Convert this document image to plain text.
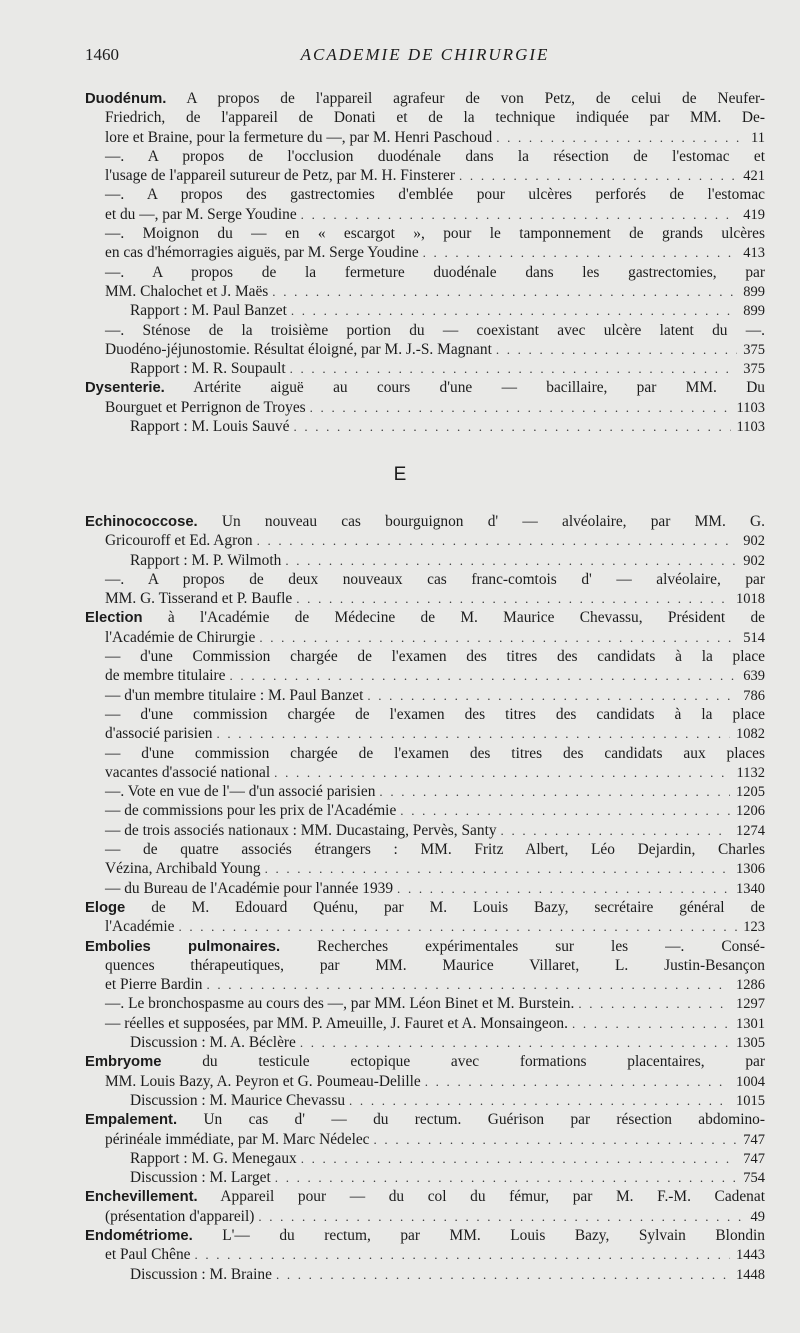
1460	ACADEMIE DE CHIRURGIE
Duodénum. A propos de l'appareil agrafeur de von Petz, de celui de Neufer-
Friedrich, de l'appareil de Donati et de la technique indiquée par MM. De-
lore et Braine, pour la fermeture du —, par M. Henri Paschoud . . .	11
—. A propos de l'occlusion duodénale dans la résection de l'estomac et
l'usage de l'appareil sutureur de Petz, par M. H. Finsterer . . .	421
—. A propos des gastrectomies d'emblée pour ulcères perforés de l'estomac
et du —, par M. Serge Youdine . . .	419
—. Moignon du — en « escargot », pour le tamponnement de grands ulcères
en cas d'hémorragies aiguës, par M. Serge Youdine . . .	413
—. A propos de la fermeture duodénale dans les gastrectomies, par
MM. Chalochet et J. Maës . . .	899
Rapport : M. Paul Banzet . . .	899
—. Sténose de la troisième portion du — coexistant avec ulcère latent du —.
Duodéno-jéjunostomie. Résultat éloigné, par M. J.-S. Magnant . . .	375
Rapport : M. R. Soupault . . .	375
Dysenterie. Artérite aiguë au cours d'une — bacillaire, par MM. Du
Bourguet et Perrignon de Troyes . . .	1103
Rapport : M. Louis Sauvé . . .	1103
E
Echinococcose. Un nouveau cas bourguignon d' — alvéolaire, par MM. G.
Gricouroff et Ed. Agron . . .	902
Rapport : M. P. Wilmoth . . .	902
—. A propos de deux nouveaux cas franc-comtois d' — alvéolaire, par
MM. G. Tisserand et P. Baufle . . .	1018
Election à l'Académie de Médecine de M. Maurice Chevassu, Président de
l'Académie de Chirurgie . . .	514
— d'une Commission chargée de l'examen des titres des candidats à la place
de membre titulaire . . .	639
— d'un membre titulaire : M. Paul Banzet . . .	786
— d'une commission chargée de l'examen des titres des candidats à la place
d'associé parisien . . .	1082
— d'une commission chargée de l'examen des titres des candidats aux places
vacantes d'associé national . . .	1132
—. Vote en vue de l'— d'un associé parisien . . .	1205
— de commissions pour les prix de l'Académie . . .	1206
— de trois associés nationaux : MM. Ducastaing, Pervès, Santy . . .	1274
— de quatre associés étrangers : MM. Fritz Albert, Léo Dejardin, Charles
Vézina, Archibald Young . . .	1306
— du Bureau de l'Académie pour l'année 1939 . . .	1340
Eloge de M. Edouard Quénu, par M. Louis Bazy, secrétaire général de
l'Académie . . .	123
Embolies pulmonaires. Recherches expérimentales sur les —. Consé-
quences thérapeutiques, par MM. Maurice Villaret, L. Justin-Besançon
et Pierre Bardin . . .	1286
—. Le bronchospasme au cours des —, par MM. Léon Binet et M. Burstein. . . .	1297
— réelles et supposées, par MM. P. Ameuille, J. Fauret et A. Monsaingeon. . . .	1301
Discussion : M. A. Béclère . . .	1305
Embryome du testicule ectopique avec formations placentaires, par
MM. Louis Bazy, A. Peyron et G. Poumeau-Delille . . .	1004
Discussion : M. Maurice Chevassu . . .	1015
Empalement. Un cas d' — du rectum. Guérison par résection abdomino-
périnéale immédiate, par M. Marc Nédelec . . .	747
Rapport : M. G. Menegaux . . .	747
Discussion : M. Larget . . .	754
Enchevillement. Appareil pour — du col du fémur, par M. F.-M. Cadenat
(présentation d'appareil) . . .	49
Endométriome. L'— du rectum, par MM. Louis Bazy, Sylvain Blondin
et Paul Chêne . . .	1443
Discussion : M. Braine . . .	1448
